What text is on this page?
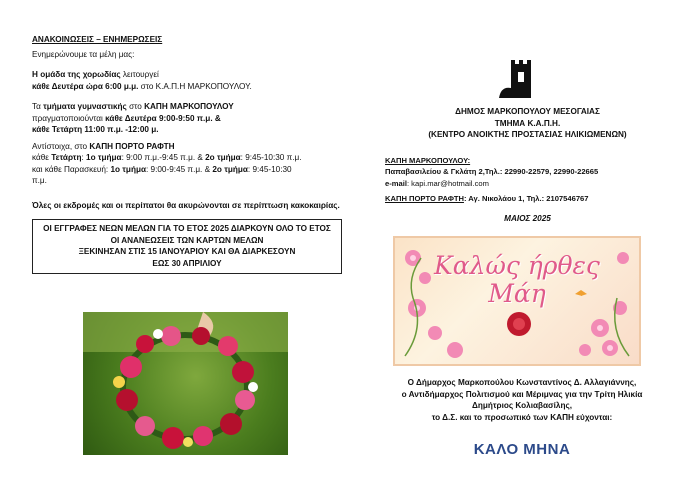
ΑΝΑΚΟΙΝΩΣΕΙΣ – ΕΝΗΜΕΡΩΣΕΙΣ

Ενημερώνουμε τα μέλη μας:

Η ομάδα της χορωδίας λειτουργεί

κάθε Δευτέρα ώρα 6:00 μ.μ. στο Κ.Α.Π.Η ΜΑΡΚΟΠΟΥΛΟΥ.

Τα τμήματα γυμναστικής στο ΚΑΠΗ ΜΑΡΚΟΠΟΥΛΟΥ

πραγματοποιούνται κάθε Δευτέρα 9:00-9:50 π.μ. &

κάθε Τετάρτη 11:00 π.μ. -12:00 μ.

Αντίστοιχα, στο ΚΑΠΗ ΠΟΡΤΟ ΡΑΦΤΗ

κάθε Τετάρτη: 1ο τμήμα: 9:00 π.μ.-9:45 π.μ. & 2ο τμήμα: 9:45-10:30 π.μ.

και κάθε Παρασκευή: 1ο τμήμα: 9:00-9:45 π.μ. & 2ο τμήμα: 9:45-10:30

π.μ.

Όλες οι εκδρομές και οι περίπατοι θα ακυρώνονται σε περίπτωση κακοκαιρίας.

ΟΙ ΕΓΓΡΑΦΕΣ ΝΕΩΝ ΜΕΛΩΝ ΓΙΑ ΤΟ ΕΤΟΣ 2025 ΔΙΑΡΚΟΥΝ ΟΛΟ ΤΟ ΕΤΟΣ
ΟΙ ΑΝΑΝΕΩΣΕΙΣ ΤΩΝ ΚΑΡΤΩΝ ΜΕΛΩΝ
ΞΕΚΙΝΗΣΑΝ ΣΤΙΣ 15 ΙΑΝΟΥΑΡΙΟΥ ΚΑΙ ΘΑ ΔΙΑΡΚΕΣΟΥΝ
ΕΩΣ 30 ΑΠΡΙΛΙΟΥ
ΔΗΜΟΣ ΜΑΡΚΟΠΟΥΛΟΥ ΜΕΣΟΓΑΙΑΣ
ΤΜΗΜΑ Κ.Α.Π.Η.
(ΚΕΝΤΡΟ ΑΝΟΙΚΤΗΣ ΠΡΟΣΤΑΣΙΑΣ ΗΛΙΚΙΩΜΕΝΩΝ)
ΚΑΠΗ ΜΑΡΚΟΠΟΥΛΟΥ:
Παπαβασιλείου & Γκλάτη 2,Τηλ.: 22990-22579, 22990-22665
e-mail: kapi.mar@hotmail.com
ΚΑΠΗ ΠΟΡΤΟ ΡΑΦΤΗ: Αγ. Νικολάου 1, Τηλ.: 2107546767
ΜΑΙΟΣ 2025
Καλώς ήρθες
Μάη
Ο Δήμαρχος Μαρκοπούλου Κωνσταντίνος Δ. Αλλαγιάννης,
ο Αντιδήμαρχος Πολιτισμού και Μέριμνας για την Τρίτη Ηλικία
Δημήτριος Κολιαβασίλης,
το Δ.Σ. και το προσωπικό των ΚΑΠΗ εύχονται:
ΚΑΛΟ ΜΗΝΑ
